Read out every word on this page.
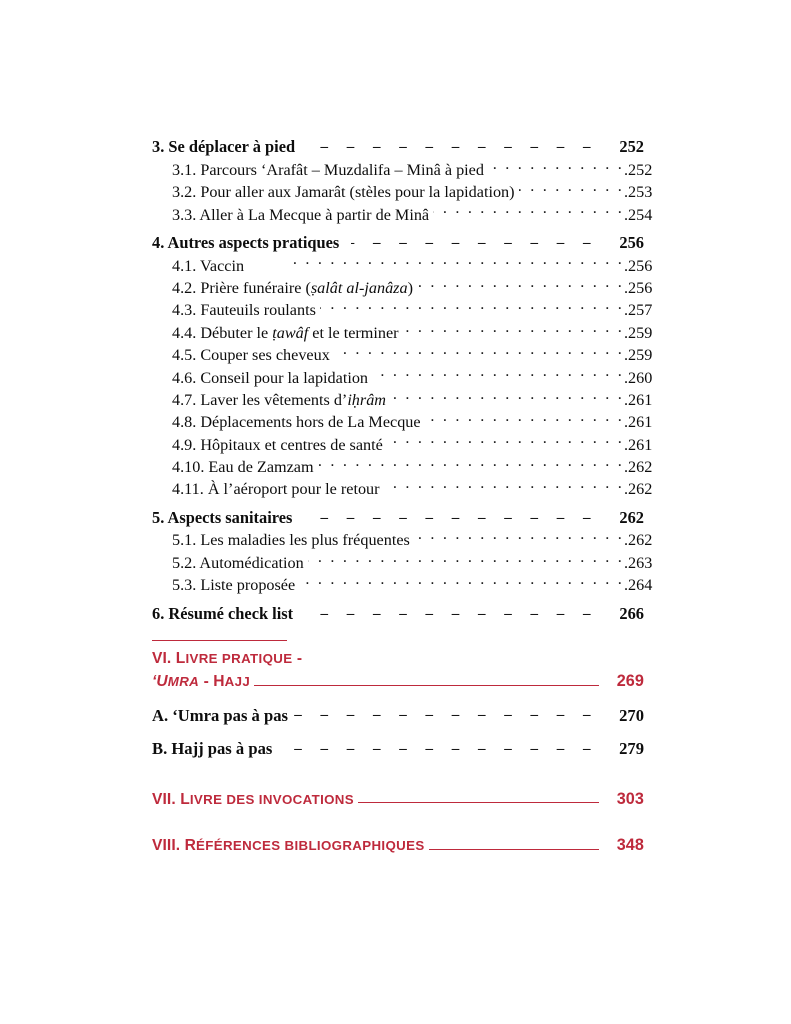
3. Se déplacer à pied _ _	252
3.1. Parcours ‘Arafât – Muzdalifa – Minâ à pied . .	. 252
3.2. Pour aller aux Jamarât (stèles pour la lapidation) . .	. 253
3.3. Aller à La Mecque à partir de Minâ . .	. 254
4. Autres aspects pratiques _ _	256
4.1. Vaccin . .	. 256
4.2. Prière funéraire (ṣalât al-janâza) . .	. 256
4.3. Fauteuils roulants . .	. 257
4.4. Débuter le ṭawâf et le terminer . .	. 259
4.5. Couper ses cheveux . .	. 259
4.6. Conseil pour la lapidation . .	. 260
4.7. Laver les vêtements d’iḥrâm . .	. 261
4.8. Déplacements hors de La Mecque . .	. 261
4.9. Hôpitaux et centres de santé . .	. 261
4.10. Eau de Zamzam . .	. 262
4.11. À l’aéroport pour le retour . .	. 262
5. Aspects sanitaires _ _	262
5.1. Les maladies les plus fréquentes . .	. 262
5.2. Automédication . .	. 263
5.3. Liste proposée . .	. 264
6. Résumé check list _ _	266
VI. LIVRE PRATIQUE -
‘UMRA - HAJJ	269
A. ‘Umra pas à pas _ _	270
B. Hajj pas à pas _ _	279
VII. LIVRE DES INVOCATIONS	303
VIII. RÉFÉRENCES BIBLIOGRAPHIQUES	348
